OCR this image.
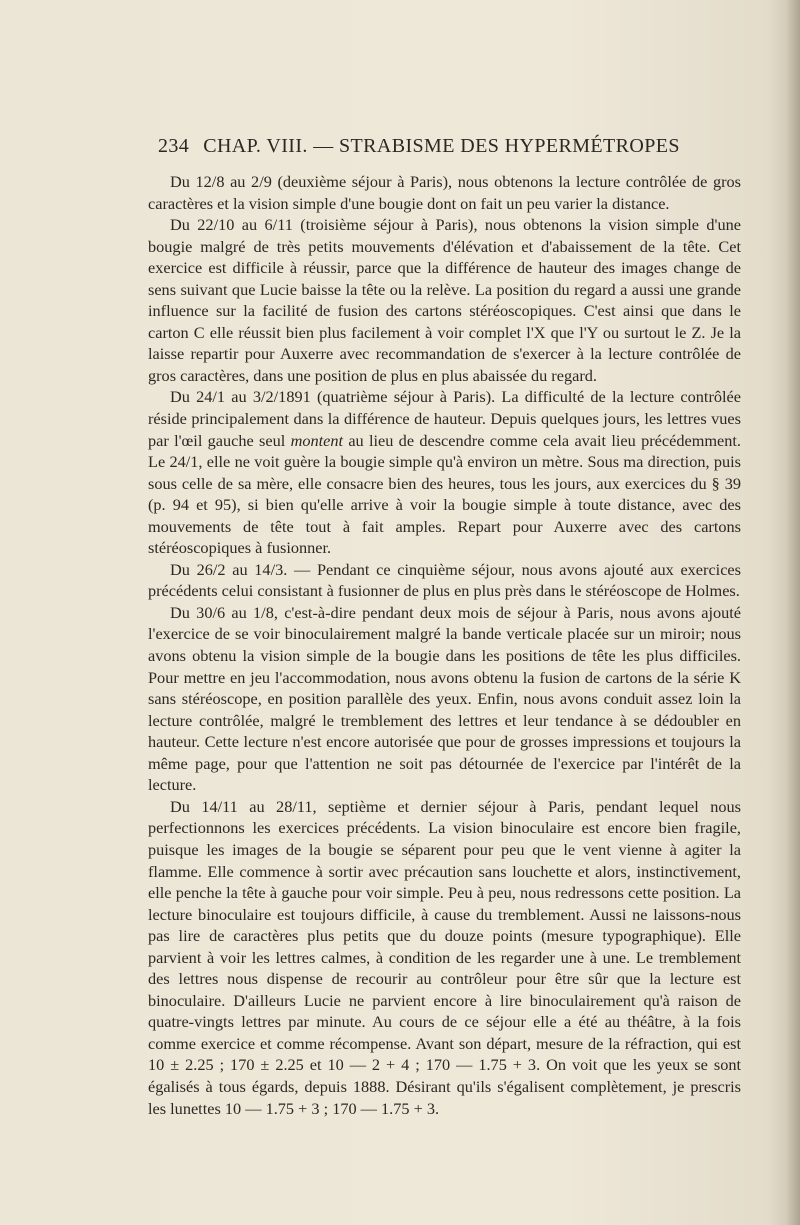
234 CHAP. VIII. — STRABISME DES HYPERMÉTROPES

Du 12/8 au 2/9 (deuxième séjour à Paris), nous obtenons la lecture contrôlée de gros caractères et la vision simple d'une bougie dont on fait un peu varier la distance.

Du 22/10 au 6/11 (troisième séjour à Paris), nous obtenons la vision simple d'une bougie malgré de très petits mouvements d'élévation et d'abaissement de la tête. Cet exercice est difficile à réussir, parce que la différence de hauteur des images change de sens suivant que Lucie baisse la tête ou la relève. La position du regard a aussi une grande influence sur la facilité de fusion des cartons stéréoscopiques. C'est ainsi que dans le carton C elle réussit bien plus facilement à voir complet l'X que l'Y ou surtout le Z. Je la laisse repartir pour Auxerre avec recommandation de s'exercer à la lecture contrôlée de gros caractères, dans une position de plus en plus abaissée du regard.

Du 24/1 au 3/2/1891 (quatrième séjour à Paris). La difficulté de la lecture contrôlée réside principalement dans la différence de hauteur. Depuis quelques jours, les lettres vues par l'œil gauche seul montent au lieu de descendre comme cela avait lieu précédemment. Le 24/1, elle ne voit guère la bougie simple qu'à environ un mètre. Sous ma direction, puis sous celle de sa mère, elle consacre bien des heures, tous les jours, aux exercices du § 39 (p. 94 et 95), si bien qu'elle arrive à voir la bougie simple à toute distance, avec des mouvements de tête tout à fait amples. Repart pour Auxerre avec des cartons stéréoscopiques à fusionner.

Du 26/2 au 14/3. — Pendant ce cinquième séjour, nous avons ajouté aux exercices précédents celui consistant à fusionner de plus en plus près dans le stéréoscope de Holmes.

Du 30/6 au 1/8, c'est-à-dire pendant deux mois de séjour à Paris, nous avons ajouté l'exercice de se voir binoculairement malgré la bande verticale placée sur un miroir; nous avons obtenu la vision simple de la bougie dans les positions de tête les plus difficiles. Pour mettre en jeu l'accommodation, nous avons obtenu la fusion de cartons de la série K sans stéréoscope, en position parallèle des yeux. Enfin, nous avons conduit assez loin la lecture contrôlée, malgré le tremblement des lettres et leur tendance à se dédoubler en hauteur. Cette lecture n'est encore autorisée que pour de grosses impressions et toujours la même page, pour que l'attention ne soit pas détournée de l'exercice par l'intérêt de la lecture.

Du 14/11 au 28/11, septième et dernier séjour à Paris, pendant lequel nous perfectionnons les exercices précédents. La vision binoculaire est encore bien fragile, puisque les images de la bougie se séparent pour peu que le vent vienne à agiter la flamme. Elle commence à sortir avec précaution sans louchette et alors, instinctivement, elle penche la tête à gauche pour voir simple. Peu à peu, nous redressons cette position. La lecture binoculaire est toujours difficile, à cause du tremblement. Aussi ne laissons-nous pas lire de caractères plus petits que du douze points (mesure typographique). Elle parvient à voir les lettres calmes, à condition de les regarder une à une. Le tremblement des lettres nous dispense de recourir au contrôleur pour être sûr que la lecture est binoculaire. D'ailleurs Lucie ne parvient encore à lire binoculairement qu'à raison de quatre-vingts lettres par minute. Au cours de ce séjour elle a été au théâtre, à la fois comme exercice et comme récompense. Avant son départ, mesure de la réfraction, qui est 10 ± 2.25 ; 170 ± 2.25 et 10 — 2 + 4 ; 170 — 1.75 + 3. On voit que les yeux se sont égalisés à tous égards, depuis 1888. Désirant qu'ils s'égalisent complètement, je prescris les lunettes 10 — 1.75 + 3 ; 170 — 1.75 + 3.
